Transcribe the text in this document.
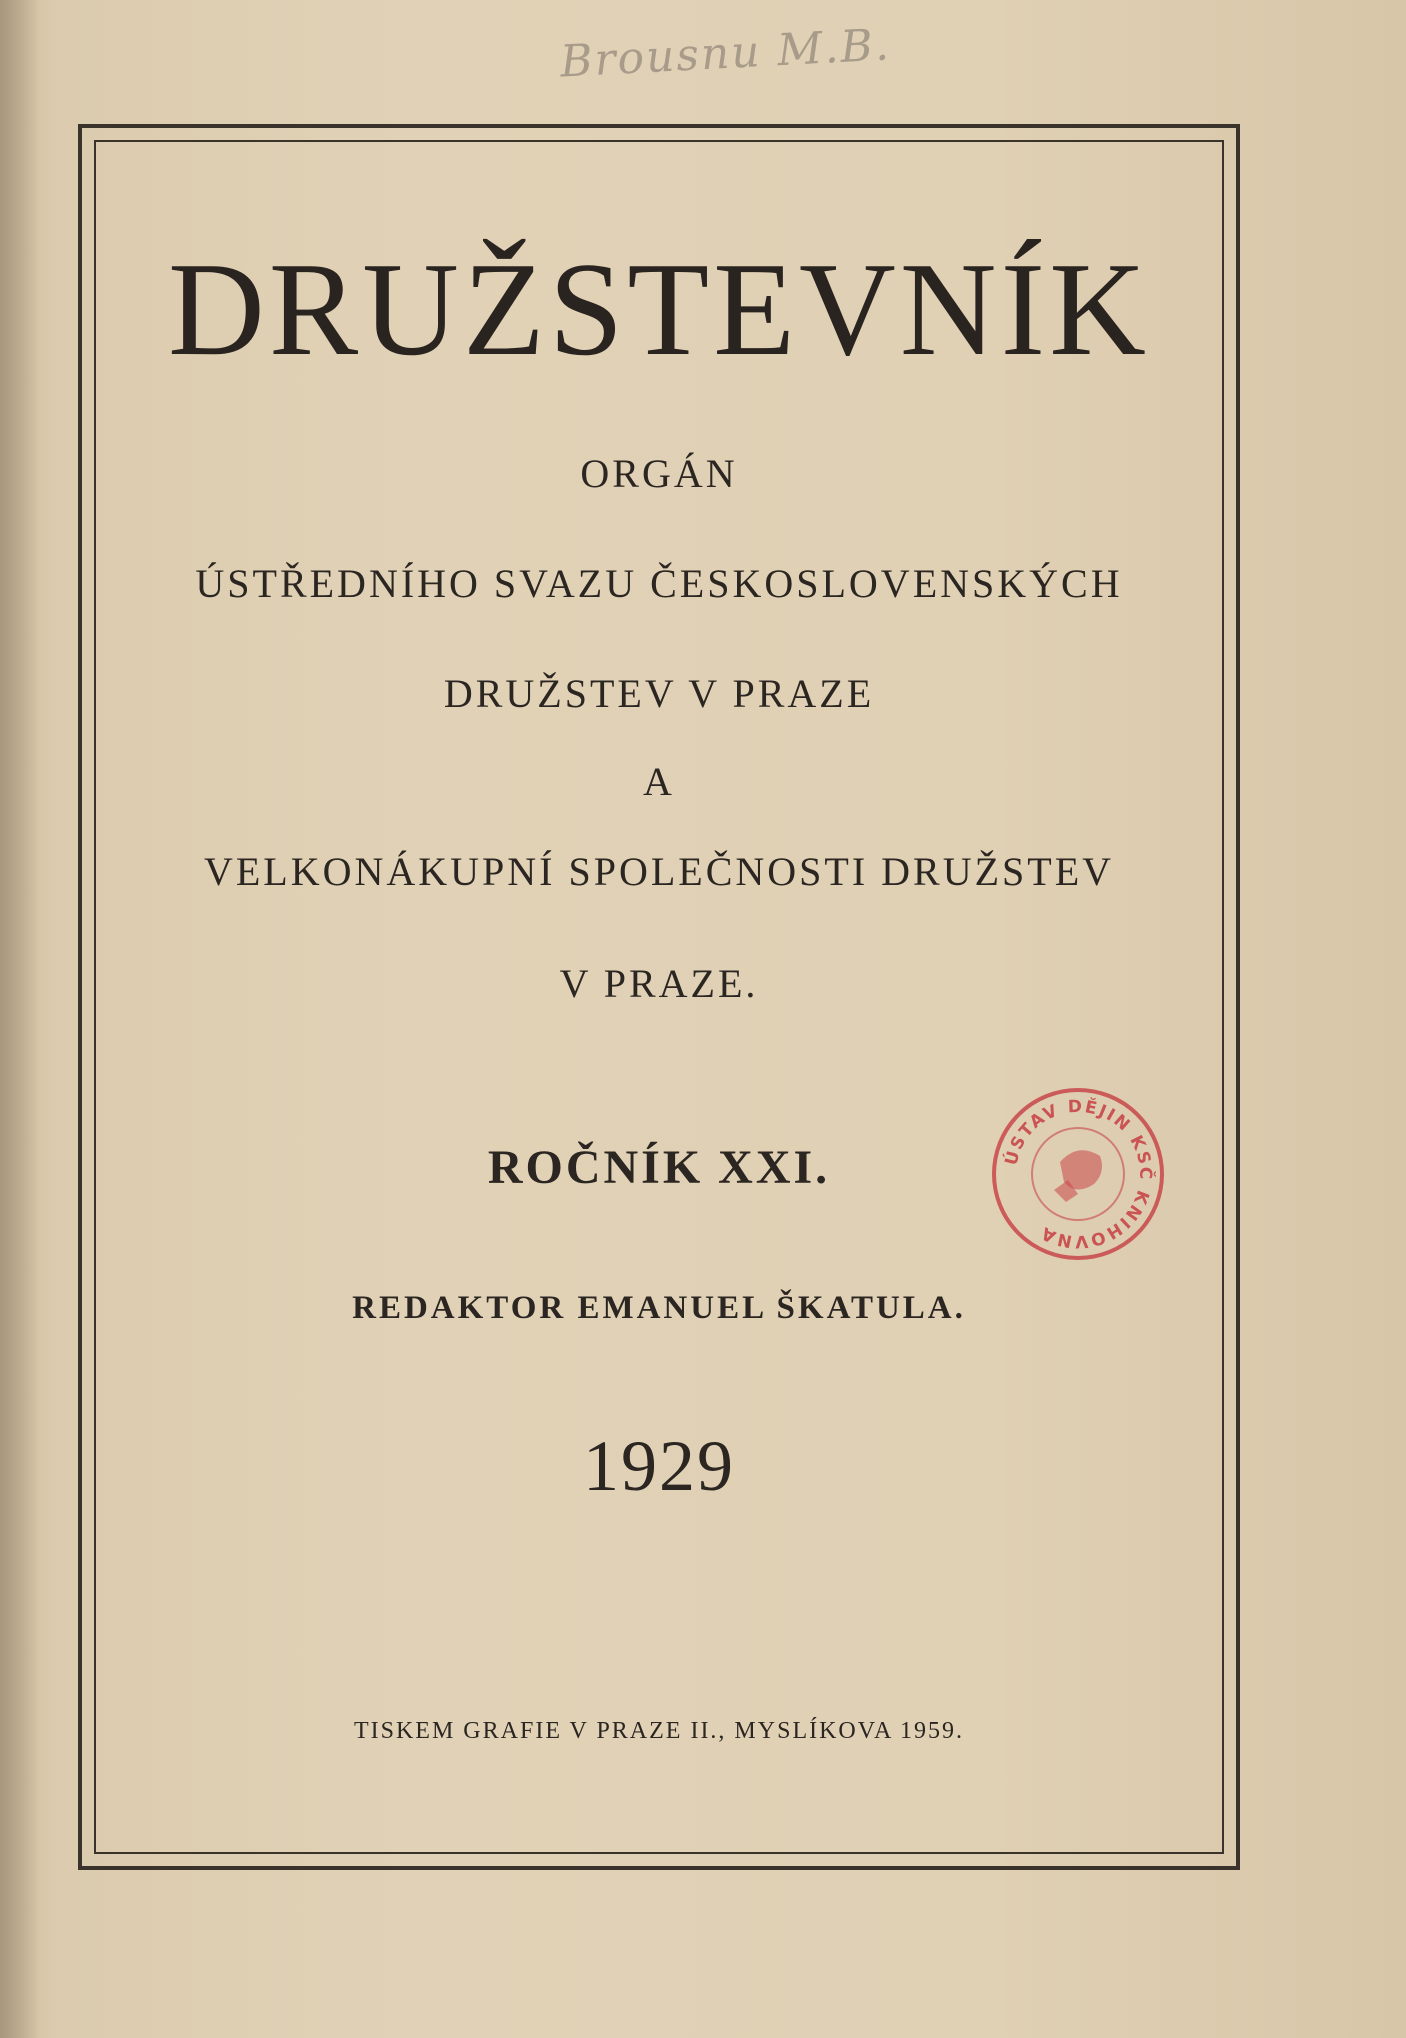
Brousnu M.B.
DRUŽSTEVNÍK
ORGÁN
ÚSTŘEDNÍHO SVAZU ČESKOSLOVENSKÝCH
DRUŽSTEV V PRAZE
A
VELKONÁKUPNÍ SPOLEČNOSTI DRUŽSTEV
V PRAZE.
ROČNÍK XXI.
REDAKTOR EMANUEL ŠKATULA.
1929
TISKEM GRAFIE V PRAZE II., MYSLÍKOVA 1959.
ÚSTAV DĚJIN KSČ KNIHOVNA
